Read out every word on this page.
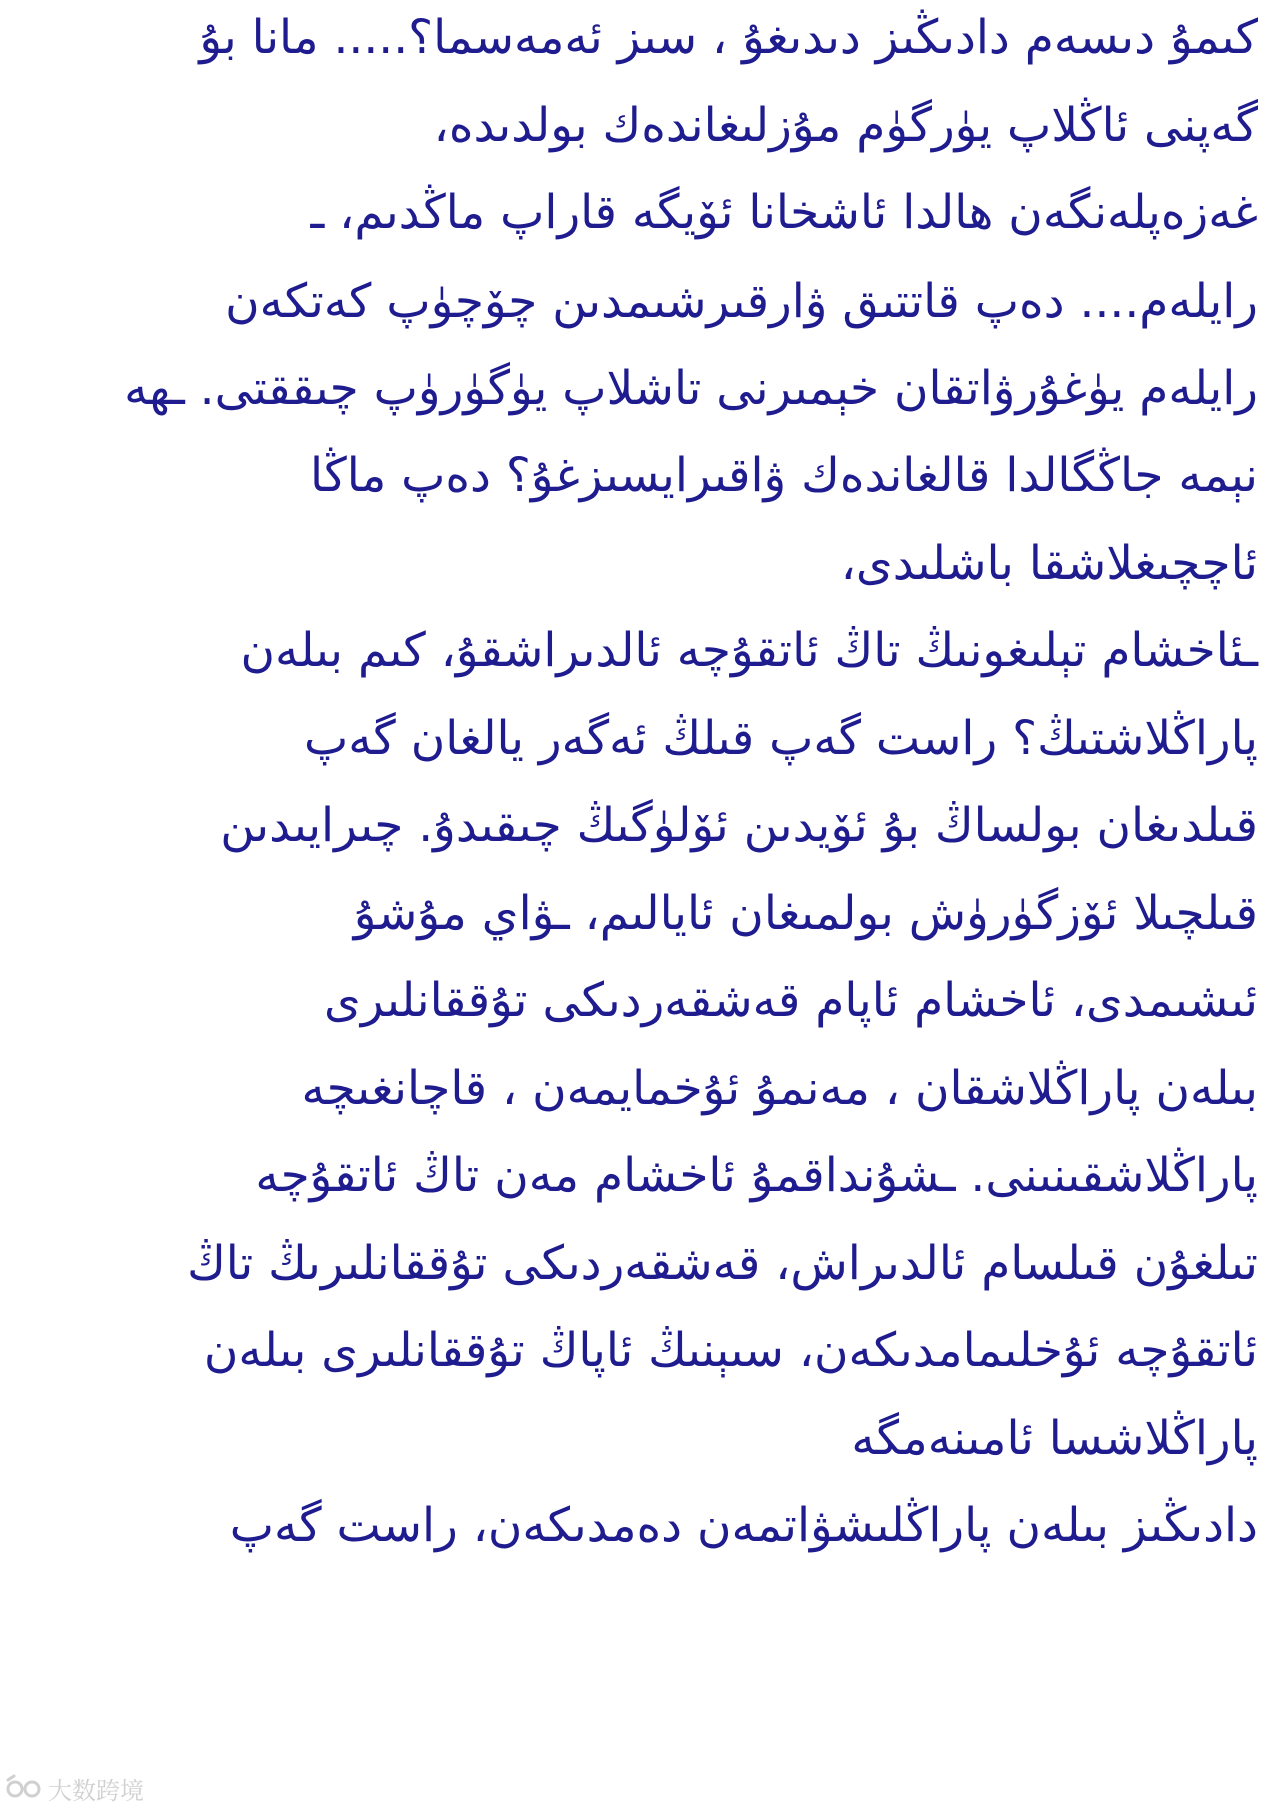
كىمۇ دىسەم دادىڭىز دىدىغۇ ، سىز ئەمەسما؟..... مانا بۇ
گەپنى ئاڭلاپ يۈرگۈم مۇزلىغاندەك بولدىدە،
غەزەپلەنگەن ھالدا ئاشخانا ئۆيگە قاراپ ماڭدىم، ـ
رايلەم.... دەپ قاتتىق ۋارقىرشىمدىن چۆچۈپ كەتكەن
رايلەم يۈغۇرۋاتقان خېمىرنى تاشلاپ يۈگۈرۈپ چىققتى. ـھە
نېمە جاڭگالدا قالغاندەك ۋاقىرايسىزغۇ؟ دەپ ماڭا
ئاچچىغلاشقا باشلىدى،
ـئاخشام تېلىغونىڭ تاڭ ئاتقۇچە ئالدىراشقۇ، كىم بىلەن
پاراڭلاشتىڭ؟ راست گەپ قىلڭ ئەگەر يالغان گەپ
قىلدىغان بولساڭ بۇ ئۆيدىن ئۆلۈگىڭ چىقىدۇ. چىرايىدىن
قىلچىلا ئۆزگۈرۈش بولمىغان ئايالىم، ـۋاي مۇشۇ
ئىشىمدى، ئاخشام ئاپام قەشقەردىكى تۇققانلىرى
بىلەن پاراڭلاشقان ، مەنمۇ ئۇخمايمەن ، قاچانغىچە
پاراڭلاشقىنىنى. ـشۇنداقمۇ ئاخشام مەن تاڭ ئاتقۇچە
تىلغۇن قىلسام ئالدىراش، قەشقەردىكى تۇققانلىرىڭ تاڭ
ئاتقۇچە ئۇخلىمامدىكەن، سىېنىڭ ئاپاڭ تۇققانلىرى بىلەن
پاراڭلاشسا ئامىنەمگە
دادىڭىز بىلەن پاراڭلىشۋاتمەن دەمدىكەن، راست گەپ
大数跨境
